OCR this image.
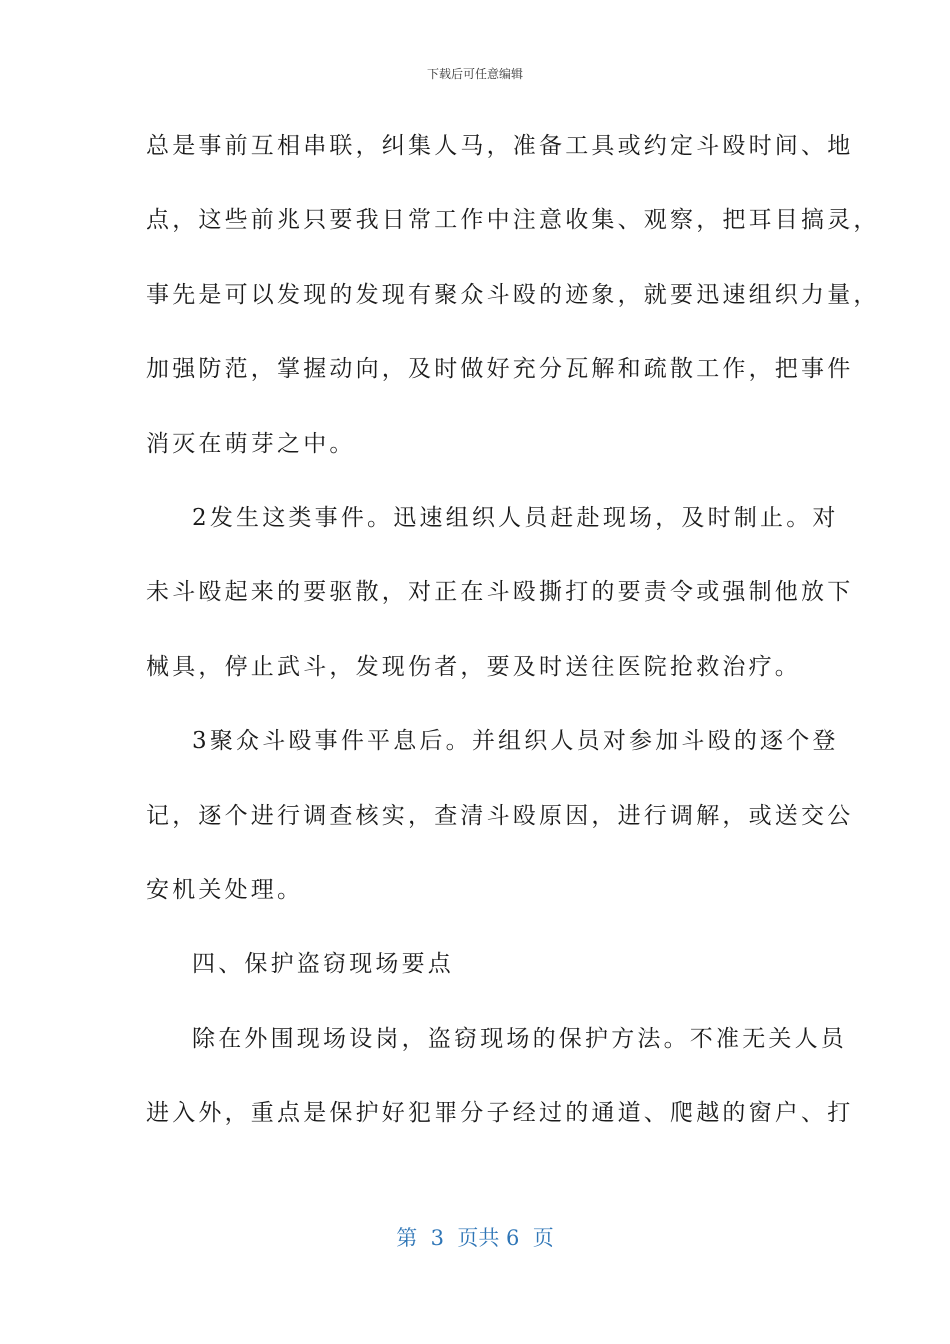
下载后可任意编辑
总是事前互相串联，纠集人马，准备工具或约定斗殴时间、地
点，这些前兆只要我日常工作中注意收集、观察，把耳目搞灵，
事先是可以发现的发现有聚众斗殴的迹象，就要迅速组织力量，
加强防范，掌握动向，及时做好充分瓦解和疏散工作，把事件
消灭在萌芽之中。
2发生这类事件。迅速组织人员赶赴现场，及时制止。对
未斗殴起来的要驱散，对正在斗殴撕打的要责令或强制他放下
械具，停止武斗，发现伤者，要及时送往医院抢救治疗。
3聚众斗殴事件平息后。并组织人员对参加斗殴的逐个登
记，逐个进行调查核实，查清斗殴原因，进行调解，或送交公
安机关处理。
四、保护盗窃现场要点
除在外围现场设岗，盗窃现场的保护方法。不准无关人员
进入外，重点是保护好犯罪分子经过的通道、爬越的窗户、打
第  3  页共 6  页
